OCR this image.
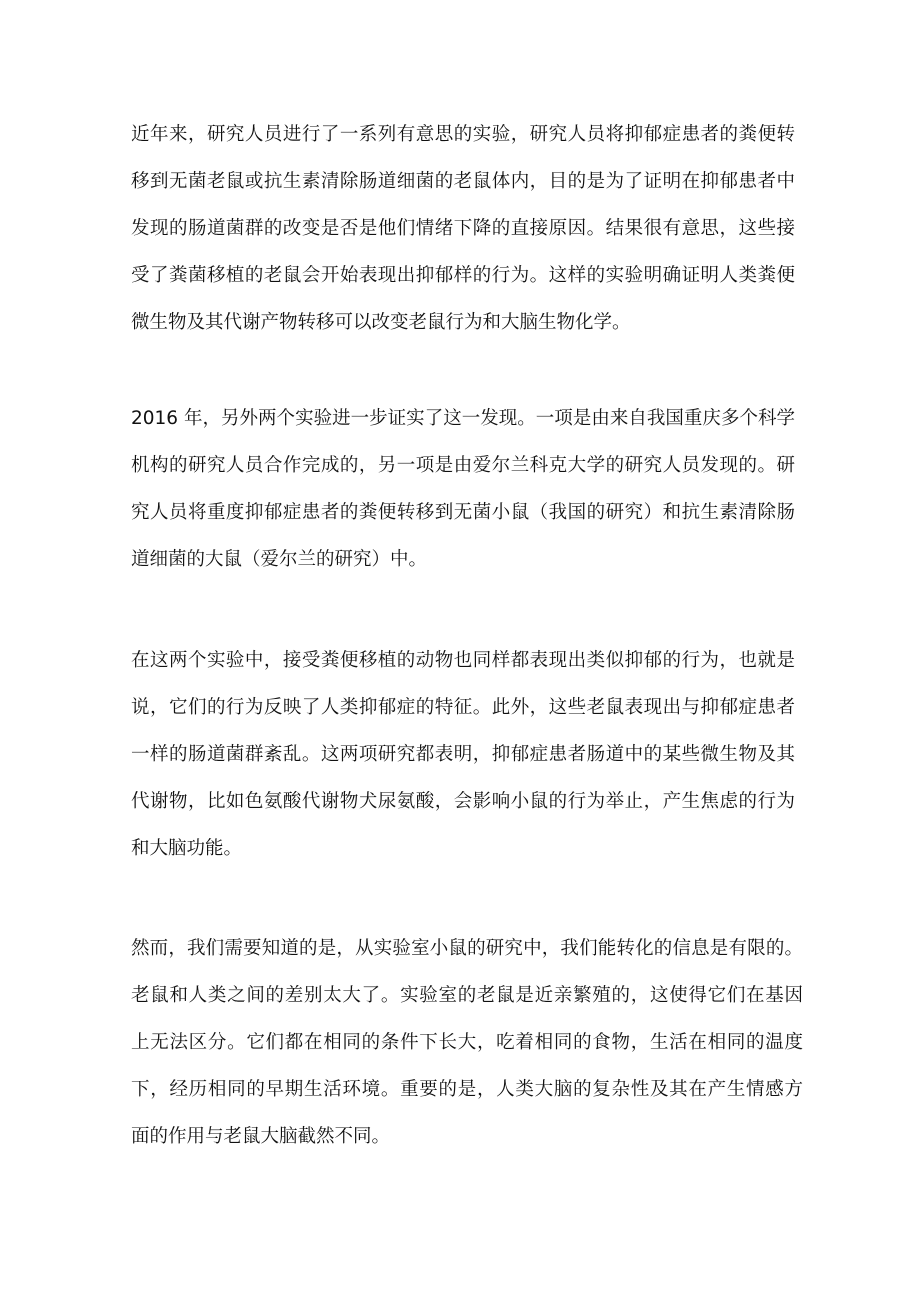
近年来，研究人员进行了一系列有意思的实验，研究人员将抑郁症患者的粪便转
移到无菌老鼠或抗生素清除肠道细菌的老鼠体内，目的是为了证明在抑郁患者中
发现的肠道菌群的改变是否是他们情绪下降的直接原因。结果很有意思，这些接
受了粪菌移植的老鼠会开始表现出抑郁样的行为。这样的实验明确证明人类粪便
微生物及其代谢产物转移可以改变老鼠行为和大脑生物化学。
2016 年，另外两个实验进一步证实了这一发现。一项是由来自我国重庆多个科学
机构的研究人员合作完成的，另一项是由爱尔兰科克大学的研究人员发现的。研
究人员将重度抑郁症患者的粪便转移到无菌小鼠（我国的研究）和抗生素清除肠
道细菌的大鼠（爱尔兰的研究）中。
在这两个实验中，接受粪便移植的动物也同样都表现出类似抑郁的行为，也就是
说，它们的行为反映了人类抑郁症的特征。此外，这些老鼠表现出与抑郁症患者
一样的肠道菌群紊乱。这两项研究都表明，抑郁症患者肠道中的某些微生物及其
代谢物，比如色氨酸代谢物犬尿氨酸，会影响小鼠的行为举止，产生焦虑的行为
和大脑功能。
然而，我们需要知道的是，从实验室小鼠的研究中，我们能转化的信息是有限的。
老鼠和人类之间的差别太大了。实验室的老鼠是近亲繁殖的，这使得它们在基因
上无法区分。它们都在相同的条件下长大，吃着相同的食物，生活在相同的温度
下，经历相同的早期生活环境。重要的是，人类大脑的复杂性及其在产生情感方
面的作用与老鼠大脑截然不同。
